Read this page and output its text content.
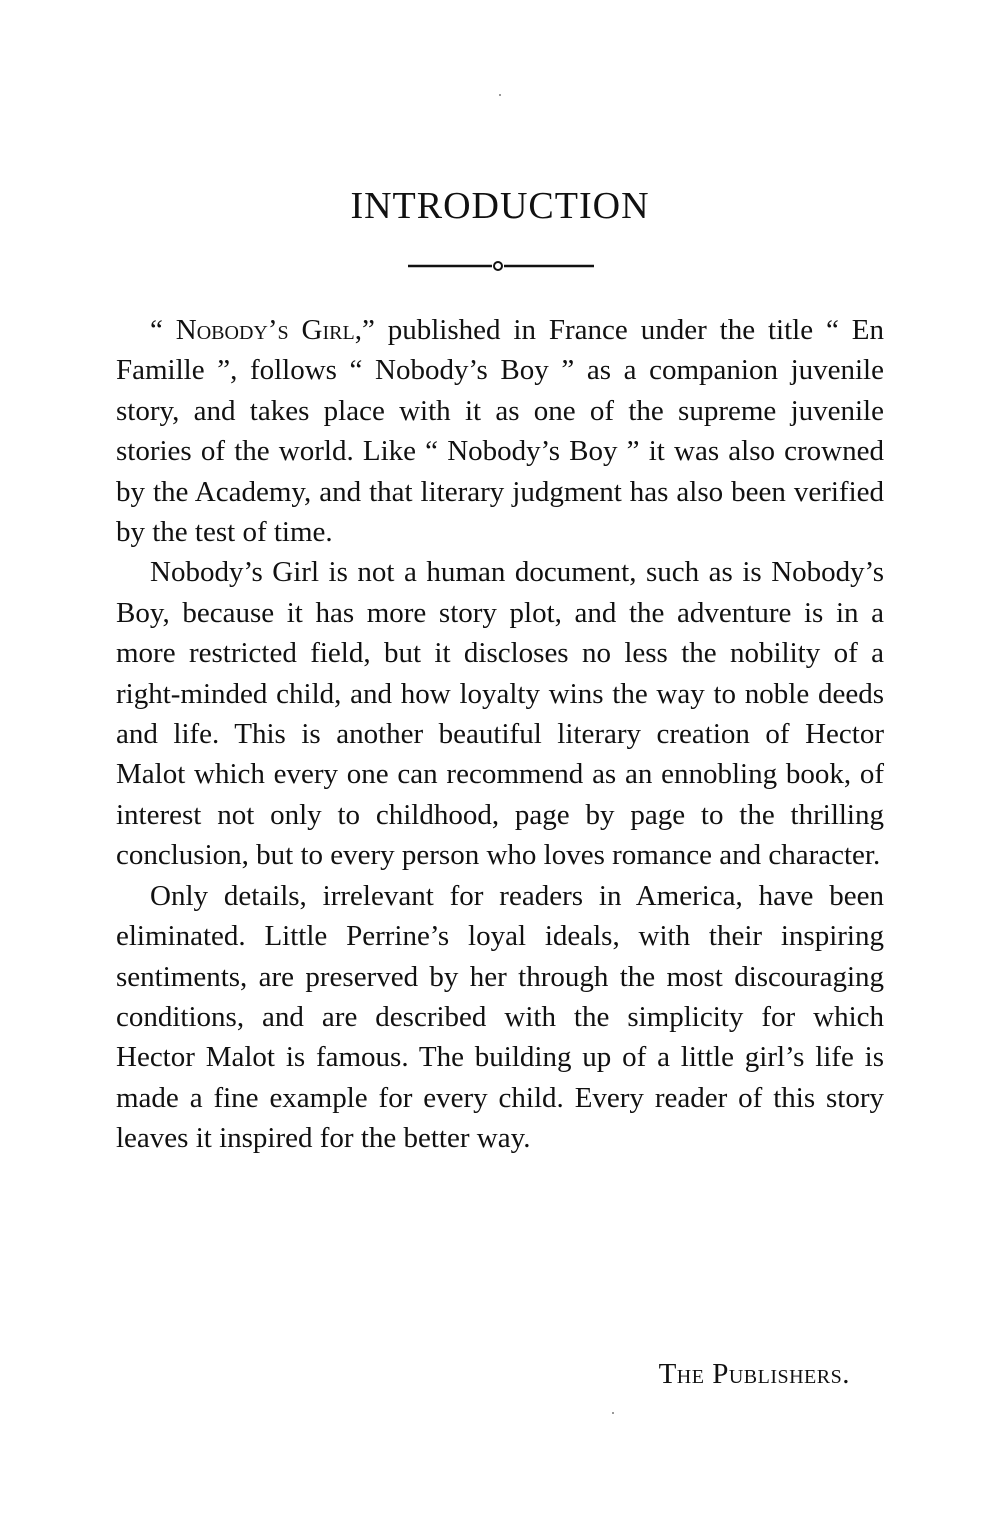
INTRODUCTION

“ Nobody’s Girl,” published in France under the title “ En Famille ”, follows “ Nobody’s Boy ” as a companion juvenile story, and takes place with it as one of the supreme juvenile stories of the world. Like “ Nobody’s Boy ” it was also crowned by the Academy, and that literary judgment has also been verified by the test of time.

Nobody’s Girl is not a human document, such as is Nobody’s Boy, because it has more story plot, and the adventure is in a more restricted field, but it discloses no less the nobility of a right-minded child, and how loyalty wins the way to noble deeds and life. This is another beautiful literary creation of Hector Malot which every one can recommend as an ennobling book, of interest not only to childhood, page by page to the thrilling conclusion, but to every person who loves romance and character.

Only details, irrelevant for readers in America, have been eliminated. Little Perrine’s loyal ideals, with their inspiring sentiments, are preserved by her through the most discouraging conditions, and are described with the simplicity for which Hector Malot is famous. The building up of a little girl’s life is made a fine example for every child. Every reader of this story leaves it inspired for the better way.

The Publishers.
